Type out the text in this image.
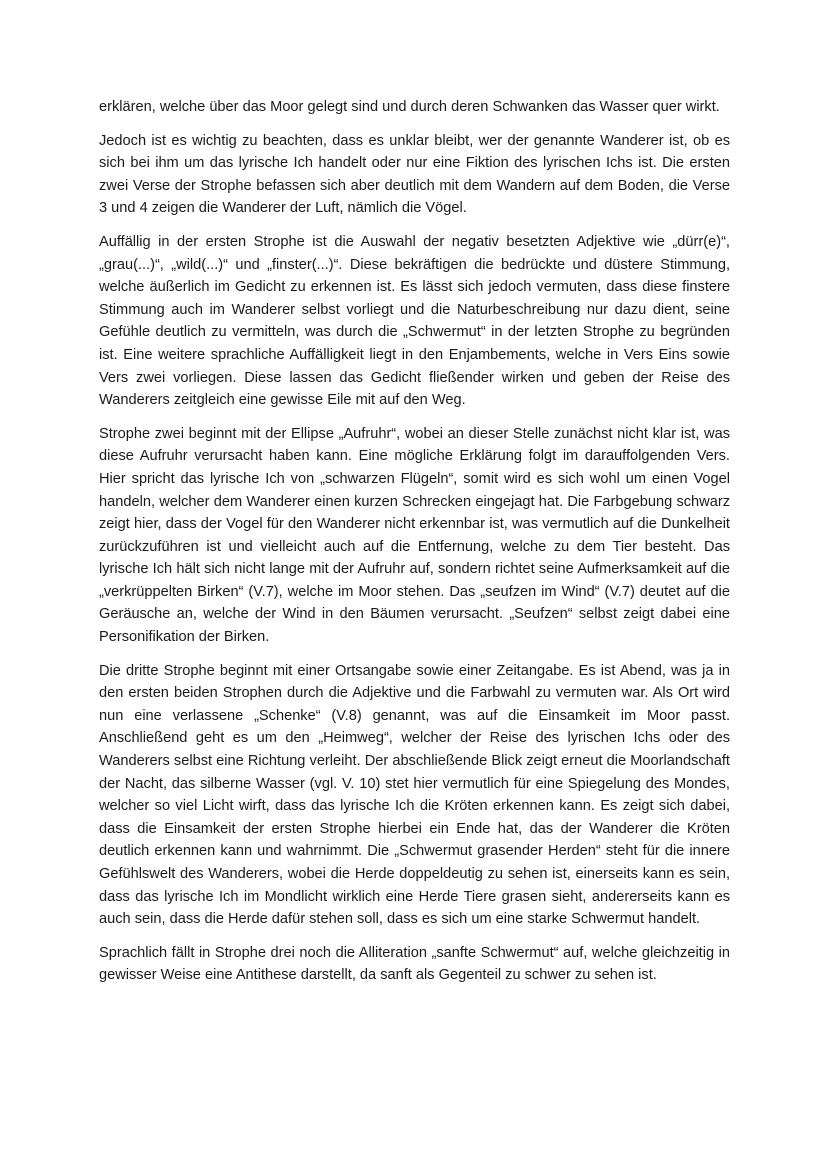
erklären, welche über das Moor gelegt sind und durch deren Schwanken das Wasser quer wirkt.

Jedoch ist es wichtig zu beachten, dass es unklar bleibt, wer der genannte Wanderer ist, ob es sich bei ihm um das lyrische Ich handelt oder nur eine Fiktion des lyrischen Ichs ist. Die ersten zwei Verse der Strophe befassen sich aber deutlich mit dem Wandern auf dem Boden, die Verse 3 und 4 zeigen die Wanderer der Luft, nämlich die Vögel.

Auffällig in der ersten Strophe ist die Auswahl der negativ besetzten Adjektive wie „dürr(e)“, „grau(...)“, „wild(...)“ und „finster(...)“. Diese bekräftigen die bedrückte und düstere Stimmung, welche äußerlich im Gedicht zu erkennen ist. Es lässt sich jedoch vermuten, dass diese finstere Stimmung auch im Wanderer selbst vorliegt und die Naturbeschreibung nur dazu dient, seine Gefühle deutlich zu vermitteln, was durch die „Schwermut“ in der letzten Strophe zu begründen ist. Eine weitere sprachliche Auffälligkeit liegt in den Enjambements, welche in Vers Eins sowie Vers zwei vorliegen. Diese lassen das Gedicht fließender wirken und geben der Reise des Wanderers zeitgleich eine gewisse Eile mit auf den Weg.

Strophe zwei beginnt mit der Ellipse „Aufruhr“, wobei an dieser Stelle zunächst nicht klar ist, was diese Aufruhr verursacht haben kann. Eine mögliche Erklärung folgt im darauffolgenden Vers. Hier spricht das lyrische Ich von „schwarzen Flügeln“, somit wird es sich wohl um einen Vogel handeln, welcher dem Wanderer einen kurzen Schrecken eingejagt hat. Die Farbgebung schwarz zeigt hier, dass der Vogel für den Wanderer nicht erkennbar ist, was vermutlich auf die Dunkelheit zurückzuführen ist und vielleicht auch auf die Entfernung, welche zu dem Tier besteht. Das lyrische Ich hält sich nicht lange mit der Aufruhr auf, sondern richtet seine Aufmerksamkeit auf die „verkrüppelten Birken“ (V.7), welche im Moor stehen. Das „seufzen im Wind“ (V.7) deutet auf die Geräusche an, welche der Wind in den Bäumen verursacht. „Seufzen“ selbst zeigt dabei eine Personifikation der Birken.

Die dritte Strophe beginnt mit einer Ortsangabe sowie einer Zeitangabe. Es ist Abend, was ja in den ersten beiden Strophen durch die Adjektive und die Farbwahl zu vermuten war. Als Ort wird nun eine verlassene „Schenke“ (V.8) genannt, was auf die Einsamkeit im Moor passt. Anschließend geht es um den „Heimweg“, welcher der Reise des lyrischen Ichs oder des Wanderers selbst eine Richtung verleiht. Der abschließende Blick zeigt erneut die Moorlandschaft der Nacht, das silberne Wasser (vgl. V. 10) stet hier vermutlich für eine Spiegelung des Mondes, welcher so viel Licht wirft, dass das lyrische Ich die Kröten erkennen kann. Es zeigt sich dabei, dass die Einsamkeit der ersten Strophe hierbei ein Ende hat, das der Wanderer die Kröten deutlich erkennen kann und wahrnimmt. Die „Schwermut grasender Herden“ steht für die innere Gefühlswelt des Wanderers, wobei die Herde doppeldeutig zu sehen ist, einerseits kann es sein, dass das lyrische Ich im Mondlicht wirklich eine Herde Tiere grasen sieht, andererseits kann es auch sein, dass die Herde dafür stehen soll, dass es sich um eine starke Schwermut handelt.

Sprachlich fällt in Strophe drei noch die Alliteration „sanfte Schwermut“ auf, welche gleichzeitig in gewisser Weise eine Antithese darstellt, da sanft als Gegenteil zu schwer zu sehen ist.
